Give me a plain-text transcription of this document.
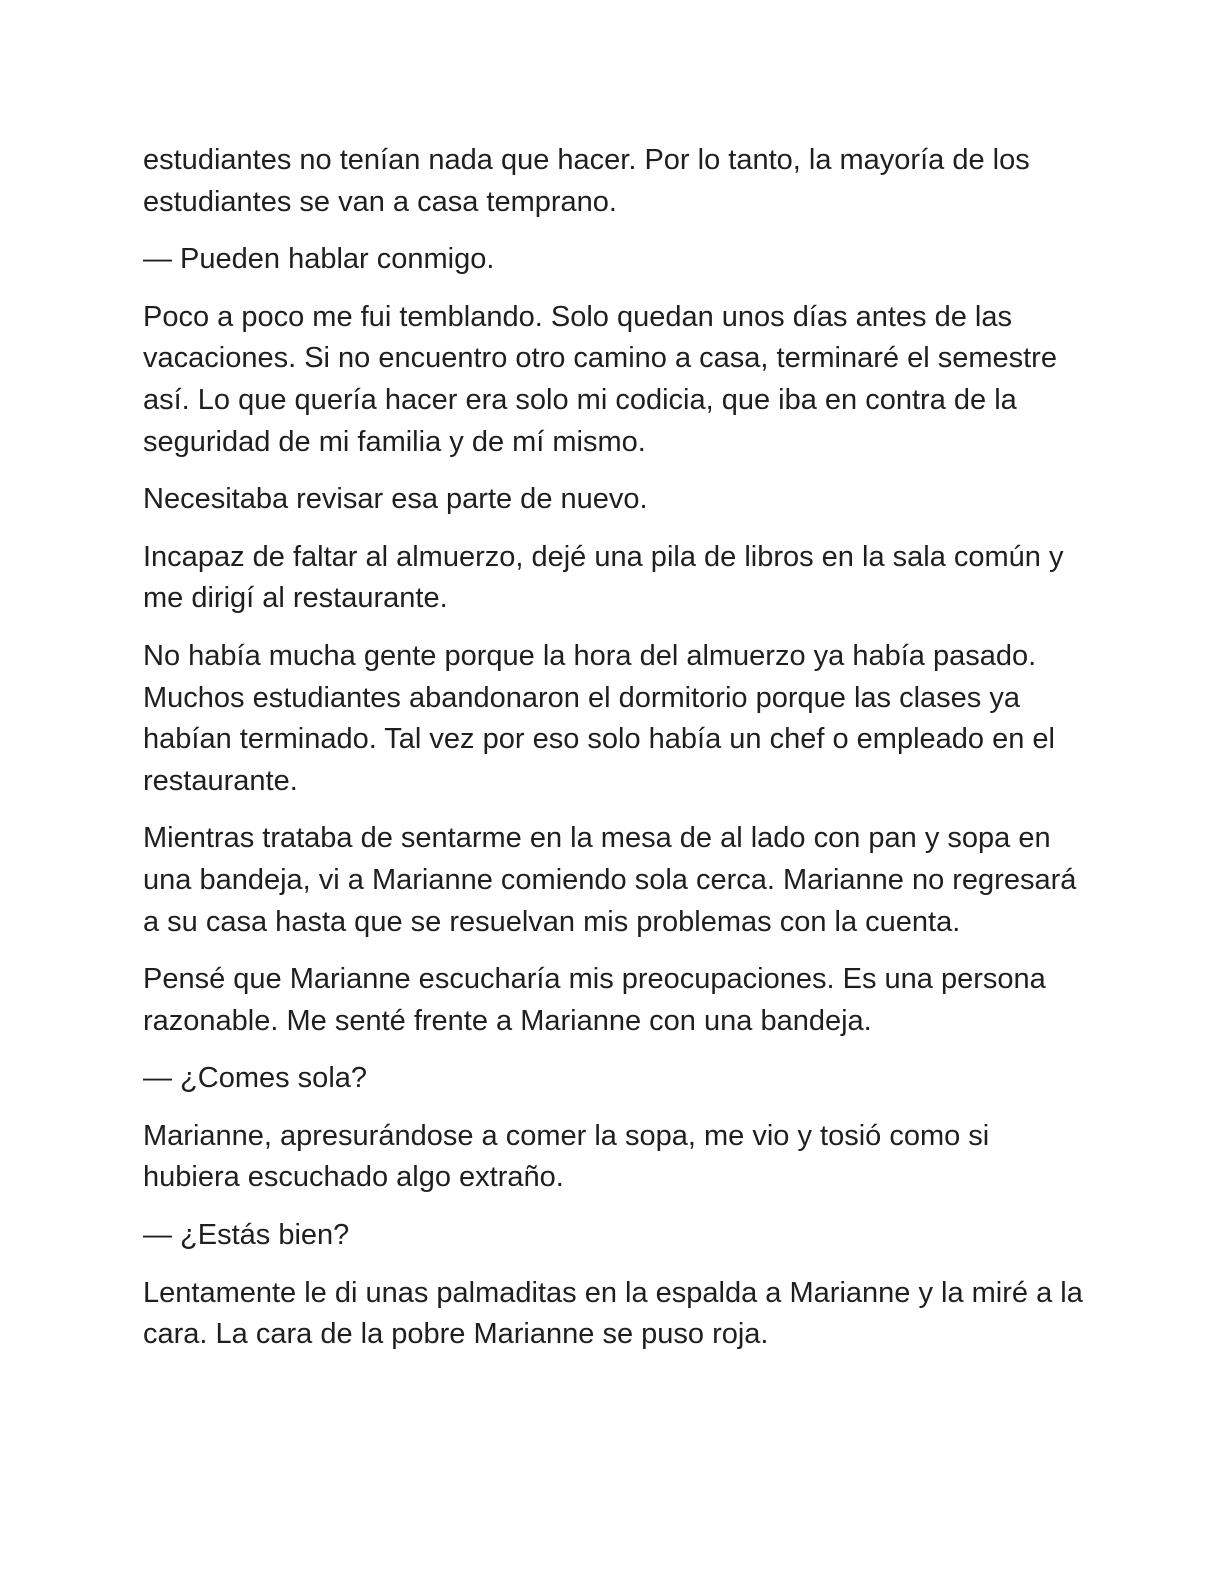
estudiantes no tenían nada que hacer. Por lo tanto, la mayoría de los estudiantes se van a casa temprano.

— Pueden hablar conmigo.

Poco a poco me fui temblando. Solo quedan unos días antes de las vacaciones. Si no encuentro otro camino a casa, terminaré el semestre así. Lo que quería hacer era solo mi codicia, que iba en contra de la seguridad de mi familia y de mí mismo.

Necesitaba revisar esa parte de nuevo.

Incapaz de faltar al almuerzo, dejé una pila de libros en la sala común y me dirigí al restaurante.

No había mucha gente porque la hora del almuerzo ya había pasado. Muchos estudiantes abandonaron el dormitorio porque las clases ya habían terminado. Tal vez por eso solo había un chef o empleado en el restaurante.

Mientras trataba de sentarme en la mesa de al lado con pan y sopa en una bandeja, vi a Marianne comiendo sola cerca. Marianne no regresará a su casa hasta que se resuelvan mis problemas con la cuenta.

Pensé que Marianne escucharía mis preocupaciones. Es una persona razonable. Me senté frente a Marianne con una bandeja.

— ¿Comes sola?

Marianne, apresurándose a comer la sopa, me vio y tosió como si hubiera escuchado algo extraño.

— ¿Estás bien?

Lentamente le di unas palmaditas en la espalda a Marianne y la miré a la cara. La cara de la pobre Marianne se puso roja.
